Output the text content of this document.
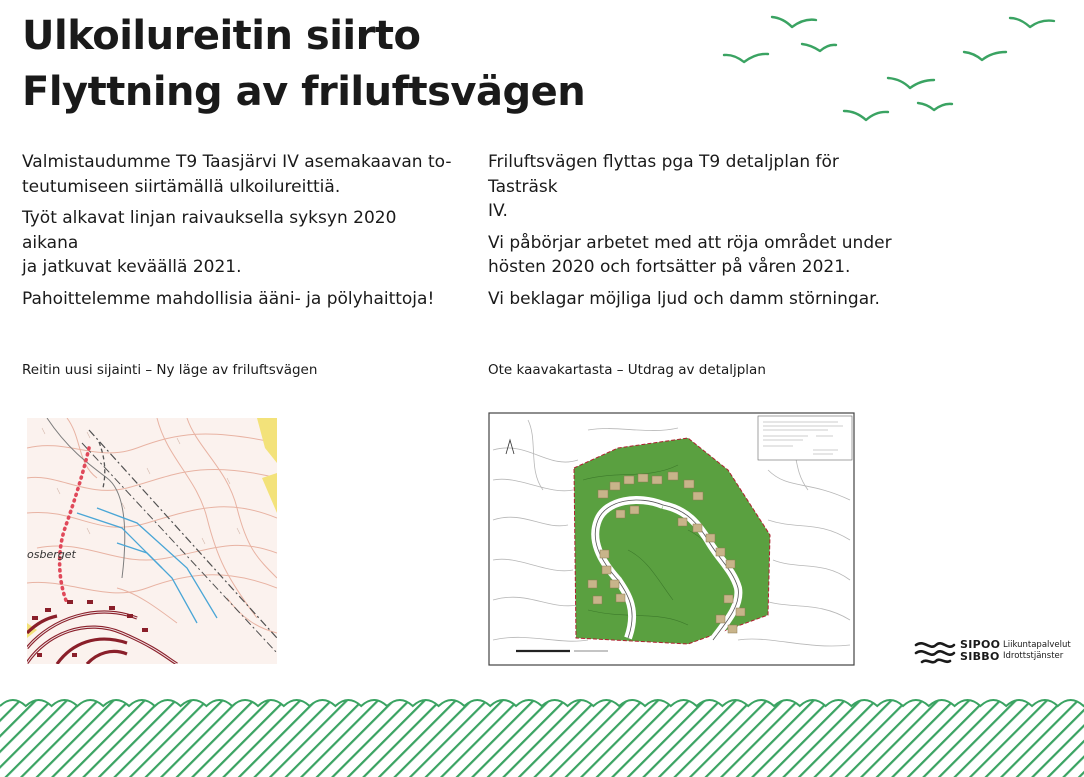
Ulkoilureitin siirto
Flyttning av friluftsvägen

Valmistaudumme T9 Taasjärvi IV asemakaavan to-
teutumiseen siirtämällä ulkoilureittiä.

Työt alkavat linjan raivauksella syksyn 2020 aikana
ja jatkuvat keväällä 2021.

Pahoittelemme mahdollisia ääni- ja pölyhaittoja!

Friluftsvägen flyttas pga T9 detaljplan för Tasträsk
IV.

Vi påbörjar arbetet med att röja området under
hösten 2020 och fortsätter på våren 2021.

Vi beklagar möjliga ljud och damm störningar.

Reitin uusi sijainti – Ny läge av friluftsvägen	Ote kaavakartasta – Utdrag av detaljplan
osberget
SIPOO
SIBBO
Liikuntapalvelut
Idrottstjänster
